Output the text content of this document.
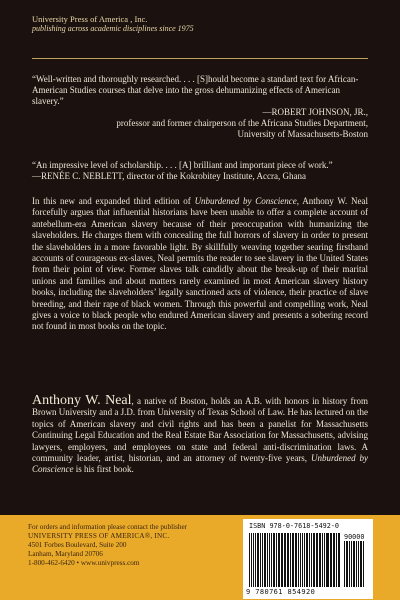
University Press of America , Inc.
publishing across academic disciplines since 1975
“Well-written and thoroughly researched. . . . [S]hould become a standard text for African-American Studies courses that delve into the gross dehumanizing effects of American slavery.”
—ROBERT JOHNSON, JR.,
professor and former chairperson of the Africana Studies Department,
University of Massachusetts-Boston
“An impressive level of scholarship. . . . [A] brilliant and important piece of work.”
—RENÉE C. NEBLETT, director of the Kokrobitey Institute, Accra, Ghana
In this new and expanded third edition of Unburdened by Conscience, Anthony W. Neal forcefully argues that influential historians have been unable to offer a complete account of antebellum-era American slavery because of their preoccupation with humanizing the slaveholders. He charges them with concealing the full horrors of slavery in order to present the slaveholders in a more favorable light. By skillfully weaving together searing firsthand accounts of courageous ex-slaves, Neal permits the reader to see slavery in the United States from their point of view. Former slaves talk candidly about the break-up of their marital unions and families and about matters rarely examined in most American slavery history books, including the slaveholders’ legally sanctioned acts of violence, their practice of slave breeding, and their rape of black women. Through this powerful and compelling work, Neal gives a voice to black people who endured American slavery and presents a sobering record not found in most books on the topic.
Anthony W. Neal, a native of Boston, holds an A.B. with honors in history from Brown University and a J.D. from University of Texas School of Law. He has lectured on the topics of American slavery and civil rights and has been a panelist for Massachusetts Continuing Legal Education and the Real Estate Bar Association for Massachusetts, advising lawyers, employers, and employees on state and federal anti-discrimination laws. A community leader, artist, historian, and an attorney of twenty-five years, Unburdened by Conscience is his first book.
For orders and information please contact the publisher
UNIVERSITY PRESS OF AMERICA®, INC.
4501 Forbes Boulevard, Suite 200
Lanham, Maryland 20706
1-800-462-6420 • www.univpress.com
ISBN 978-0-7618-5492-0
90000
9 780761 854920
